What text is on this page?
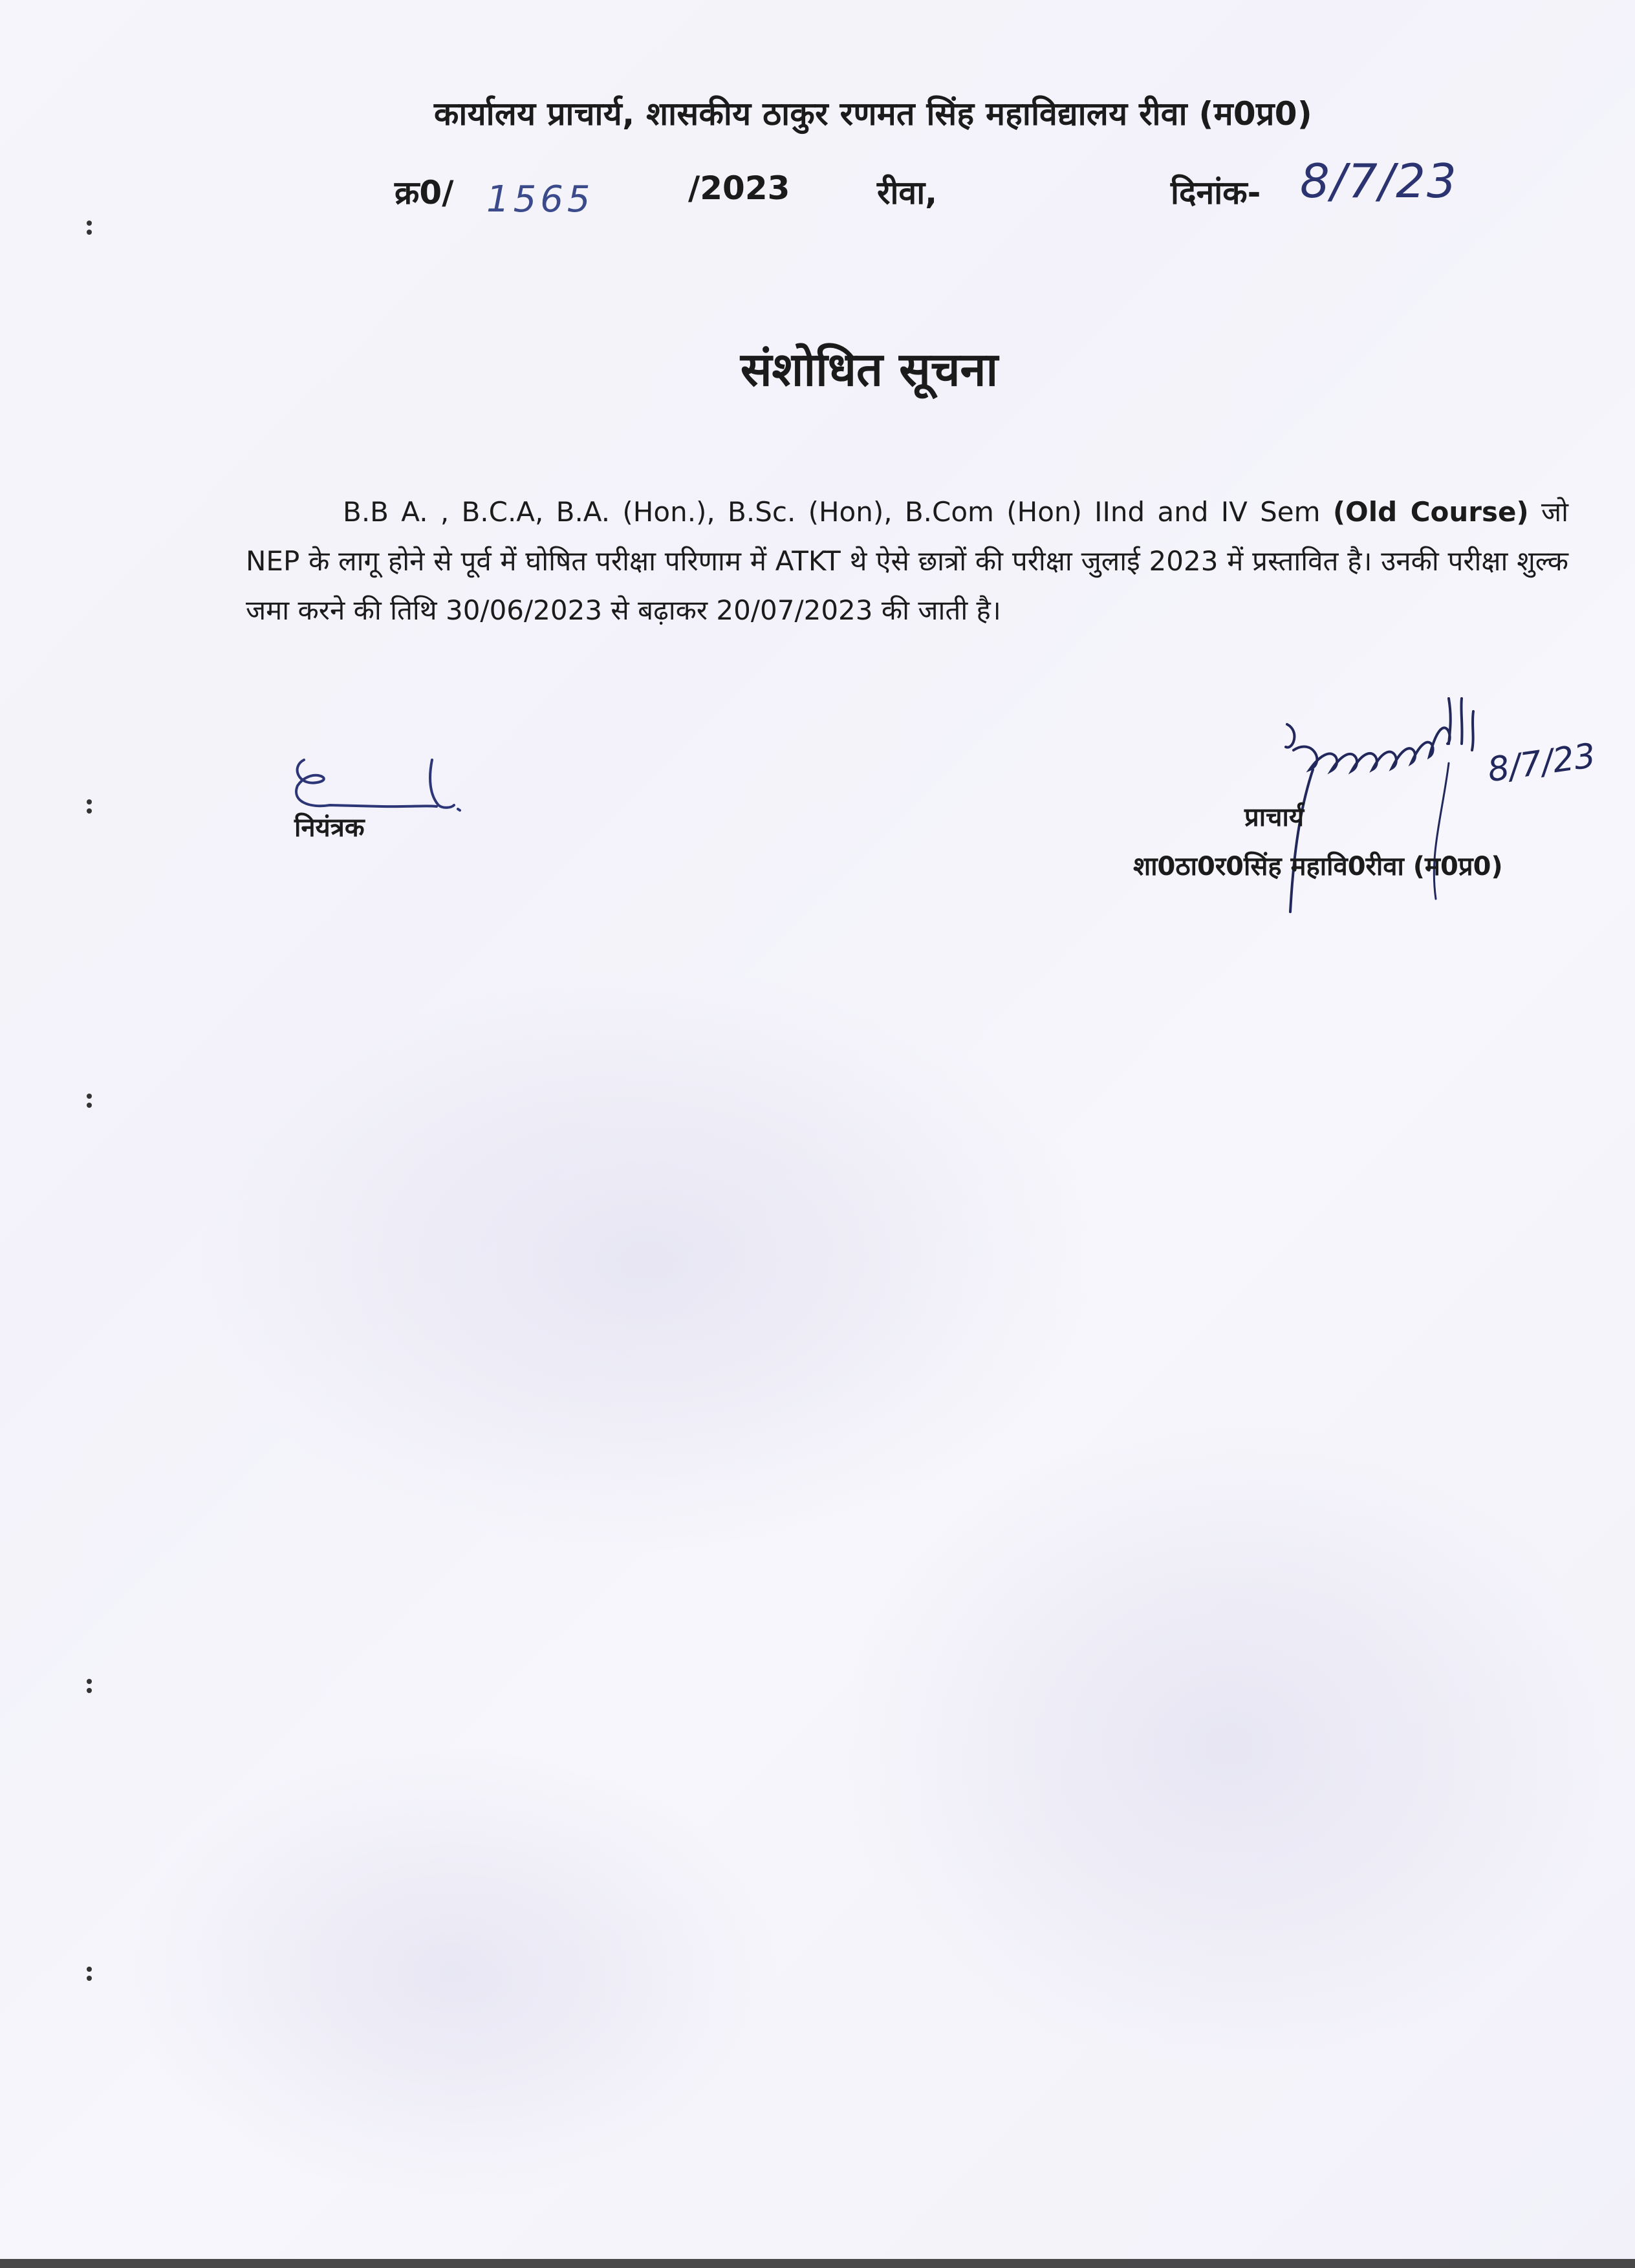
कार्यालय प्राचार्य, शासकीय ठाकुर रणमत सिंह महाविद्यालय रीवा (म0प्र0)
क्र0/ 1565	/2023	रीवा,	दिनांक- 8/7/23
संशोधित सूचना

B.B A. , B.C.A, B.A. (Hon.), B.Sc. (Hon), B.Com (Hon) IInd and IV Sem (Old Course) जो NEP के लागू होने से पूर्व में घोषित परीक्षा परिणाम में ATKT थे ऐसे छात्रों की परीक्षा जुलाई 2023 में प्रस्तावित है। उनकी परीक्षा शुल्क जमा करने की तिथि 30/06/2023 से बढ़ाकर 20/07/2023 की जाती है।

नियंत्रक
8/7/23
प्राचार्य
शा0ठा0र0सिंह महावि0रीवा (म0प्र0)
